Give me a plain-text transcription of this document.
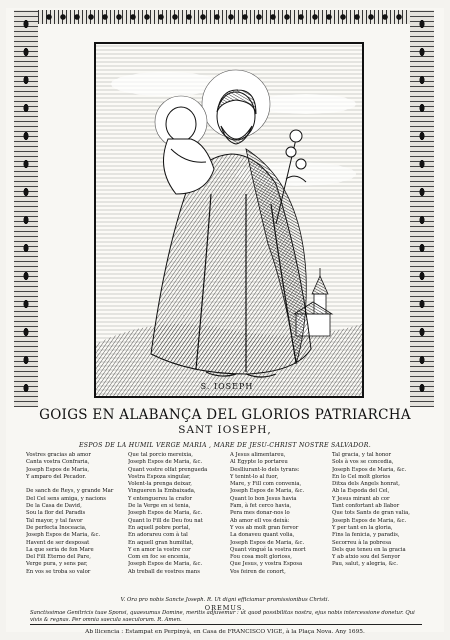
S. IOSEPH
GOIGS EN ALABANÇA DEL GLORIOS PATRIARCHA
SANT IOSEPH,
ESPOS DE LA HUMIL VERGE MARIA , MARE DE JESU-CHRIST NOSTRE SALVADOR.
Vostres gracias ab amor
Canta vostra Confraria,
Joseph Espos de Maria,
Y amparo del Pecador.

De sanch de Reys, y grande Mar
Del Cel sens amiga, y nacions
De la Casa de David,
Sou la flor del Paradis
Tal mayor, y tal favor
De perfecta Inoceacia,
Joseph Espos de Maria, &c.
Havent de ser desposat
La que seria de fon Mare
Del Fill Eterno del Pare,
Verge pura, y sens par,
En vos se troba so valor
Que tal porcio mereixia,
Joseph Espos de Maria, &c.
Quant vostre olfat prengueda
Vostra Espoza singular,
Volent-la prenga deixar,
Vingueren la Embaixada,
Y entenguereu la crafor
De la Verge en si tenia,
Joseph Espos de Maria, &c.
Quant lo Fill de Deu fou nat
En aquell pobre portal,
En adorareu com à tal
En aquell gran humiltat,
Y en amor la vostre cor
Com en foc se encenia,
Joseph Espos de Maria, &c.
Ab treball de vostres mans
A Jesus alimentareu,
Al Egypte lo portareu
Deslliurant-lo dels tyrans:
Y tenint-lo al fuor,
Mare, y Fill com convenia,
Joseph Espos de Maria, &c.
Quant lo bon Jesus havia
Fam, à fet cerco havia,
Pera mes donar-nos lo
Ab amor ell vos deixà:
Y vos ab molt gran fervor
La donaveu quant volia,
Joseph Espos de Maria, &c.
Quant vingué la vostra mort
Fou cosa molt glorioss,
Que Jesus, y vostra Esposa
Vos feiren de conort,
Tal gracia, y tal honor
Sols à vos se concedia,
Joseph Espos de Maria, &c.
En lo Cel molt glorios
Ditxa dels Angels honrat,
Ab la Espoda del Cel,
Y Jesus mirant ab cor
Tant confortant ab llabor
Que tots Sants de gran valia,
Joseph Espos de Maria, &c.
Y per tant en la gloria,
Fins la fenicia, y paradis,
Secorreu à la pobresa
Dels que teneu en la gracia
Y ab atxio sou del Senyor
Pau, salut, y alegria, &c.
V. Ora pro nobis Sancte Joseph. R. Ut digni efficiamur promissionibus Christi.
OREMUS.
Sanctissimae Genitricis tuae Sponsi, quaesumus Domine, meritis adjuvemur : ut quod possibilitas nostra, ejus nobis intercessione donetur. Qui vivis & regnas. Per omnia saecula saeculorum. R. Amen.
Ab llicencia : Estampat en Perpinyà, en Casa de FRANCISCO VIGE, à la Plaça Nova. Any 1695.
